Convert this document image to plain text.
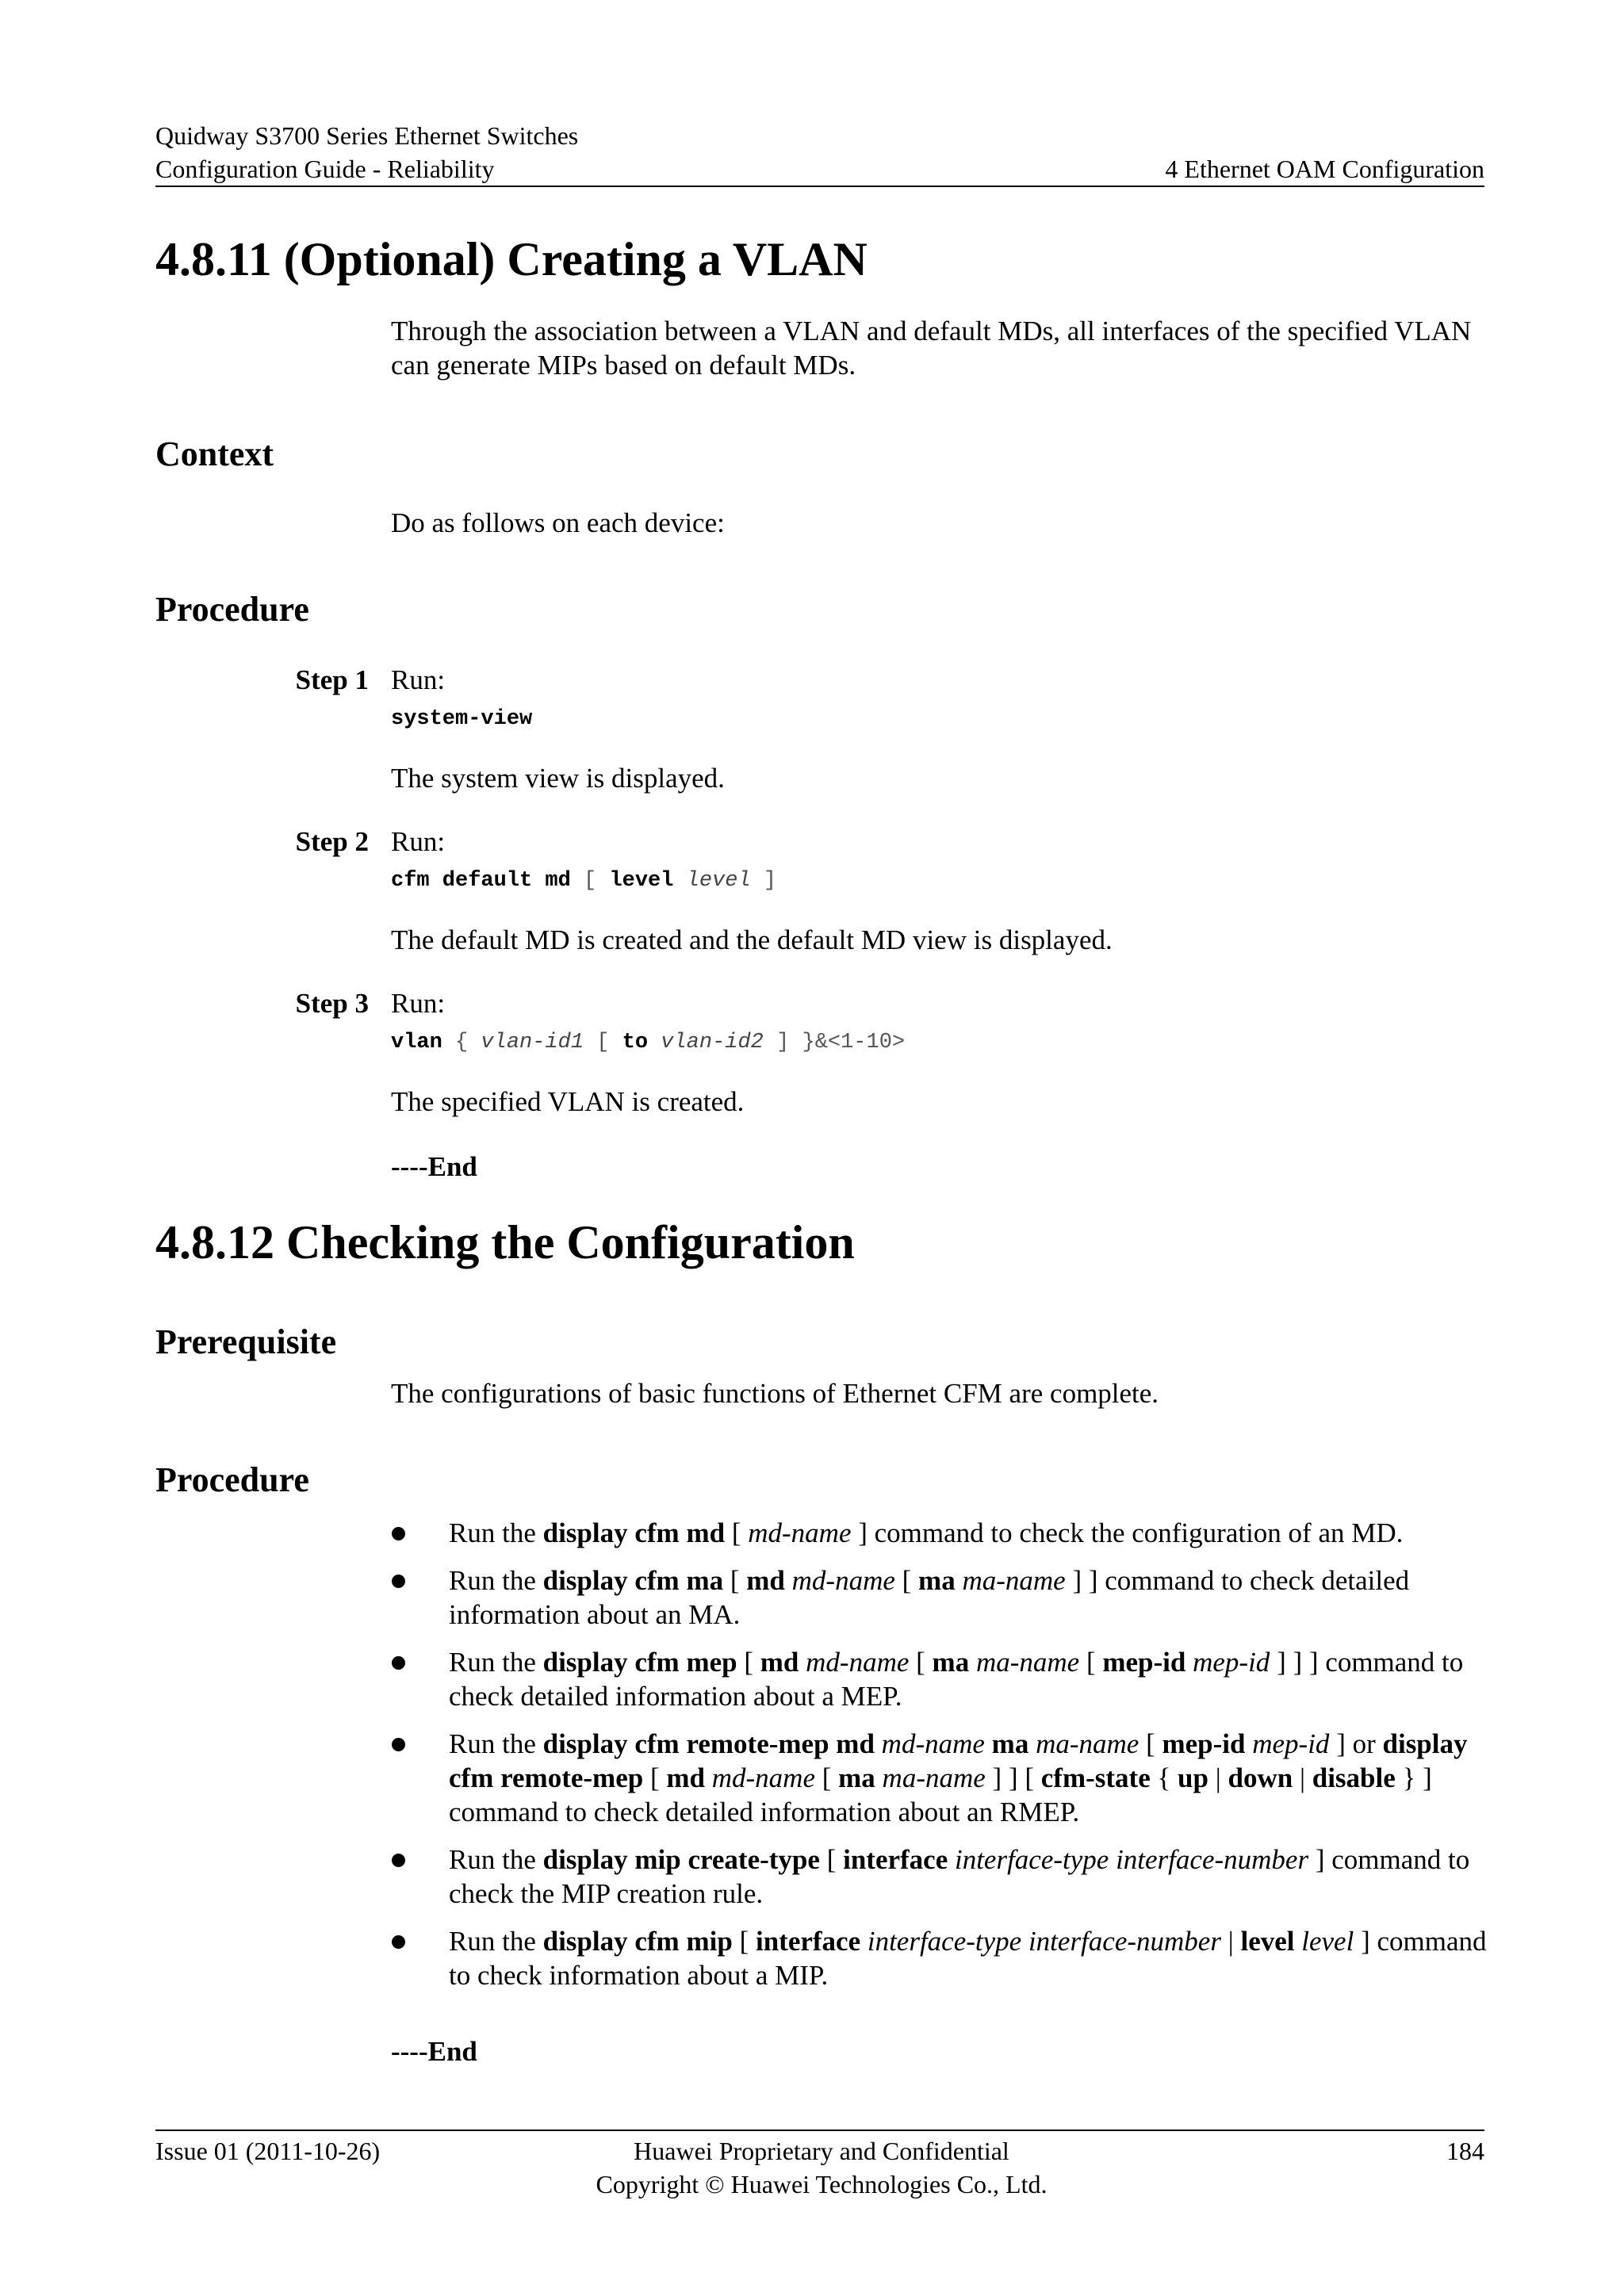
Quidway S3700 Series Ethernet Switches
Configuration Guide - Reliability	4 Ethernet OAM Configuration
4.8.11 (Optional) Creating a VLAN
Through the association between a VLAN and default MDs, all interfaces of the specified VLAN can generate MIPs based on default MDs.
Context
Do as follows on each device:
Procedure
Step 1 Run:
system-view
The system view is displayed.
Step 2 Run:
cfm default md [ level level ]
The default MD is created and the default MD view is displayed.
Step 3 Run:
vlan { vlan-id1 [ to vlan-id2 ] }&<1-10>
The specified VLAN is created.
----End
4.8.12 Checking the Configuration
Prerequisite
The configurations of basic functions of Ethernet CFM are complete.
Procedure
Run the display cfm md [ md-name ] command to check the configuration of an MD.
Run the display cfm ma [ md md-name [ ma ma-name ] ] command to check detailed information about an MA.
Run the display cfm mep [ md md-name [ ma ma-name [ mep-id mep-id ] ] ] command to check detailed information about a MEP.
Run the display cfm remote-mep md md-name ma ma-name [ mep-id mep-id ] or display cfm remote-mep [ md md-name [ ma ma-name ] ] [ cfm-state { up | down | disable } ] command to check detailed information about an RMEP.
Run the display mip create-type [ interface interface-type interface-number ] command to check the MIP creation rule.
Run the display cfm mip [ interface interface-type interface-number | level level ] command to check information about a MIP.
----End
Issue 01 (2011-10-26)	Huawei Proprietary and Confidential
Copyright © Huawei Technologies Co., Ltd.
184
